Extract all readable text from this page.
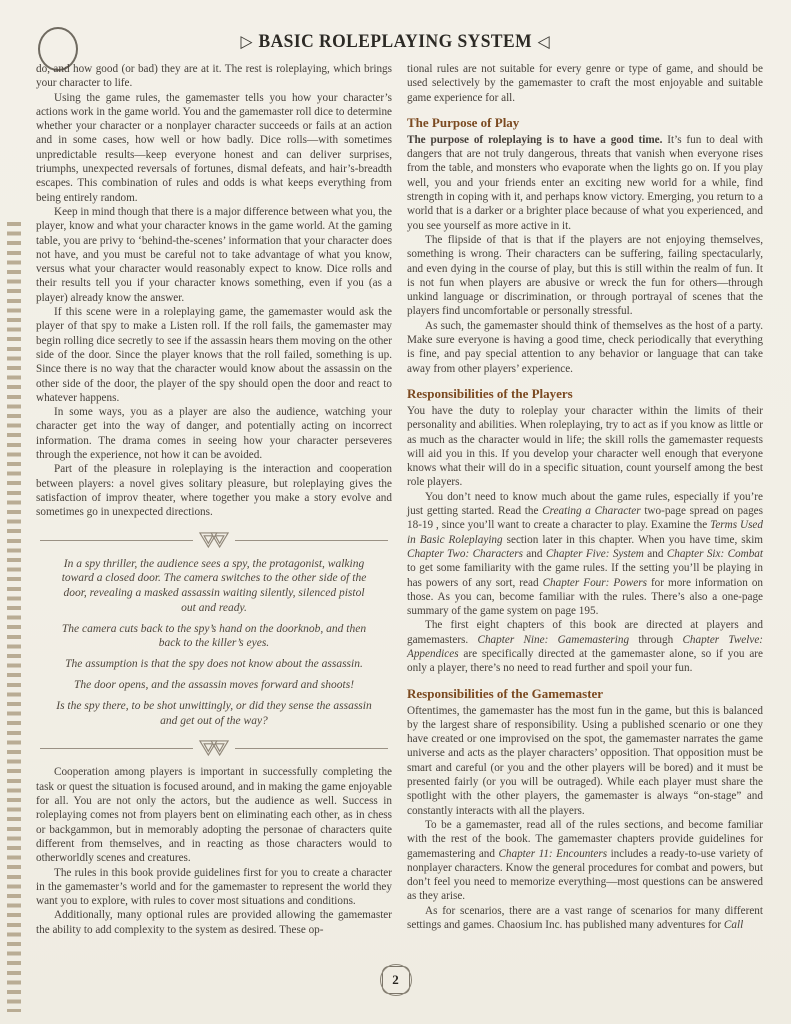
▷ BASIC ROLEPLAYING SYSTEM ◁

do, and how good (or bad) they are at it. The rest is roleplaying, which brings your character to life.

Using the game rules, the gamemaster tells you how your character’s actions work in the game world. You and the gamemaster roll dice to determine whether your character or a nonplayer character succeeds or fails at an action and in some cases, how well or how badly. Dice rolls—with sometimes unpredictable results—keep everyone honest and can deliver surprises, triumphs, unexpected reversals of fortunes, dismal defeats, and hair’s-breadth escapes. This combination of rules and odds is what keeps everything from being entirely random.

Keep in mind though that there is a major difference between what you, the player, know and what your character knows in the game world. At the gaming table, you are privy to ‘behind-the-scenes’ information that your character does not have, and you must be careful not to take advantage of what you know, versus what your character would reasonably expect to know. Dice rolls and their results tell you if your character knows something, even if you (as a player) already know the answer.

If this scene were in a roleplaying game, the gamemaster would ask the player of that spy to make a Listen roll. If the roll fails, the gamemaster may begin rolling dice secretly to see if the assassin hears them moving on the other side of the door. Since the player knows that the roll failed, something is up. Since there is no way that the character would know about the assassin on the other side of the door, the player of the spy should open the door and react to whatever happens.

In some ways, you as a player are also the audience, watching your character get into the way of danger, and potentially acting on incorrect information. The drama comes in seeing how your character perseveres through the experience, not how it can be avoided.

Part of the pleasure in roleplaying is the interaction and cooperation between players: a novel gives solitary pleasure, but roleplaying gives the satisfaction of improv theater, where together you make a story evolve and sometimes go in unexpected directions.

In a spy thriller, the audience sees a spy, the protagonist, walking toward a closed door. The camera switches to the other side of the door, revealing a masked assassin waiting silently, silenced pistol out and ready.

The camera cuts back to the spy’s hand on the doorknob, and then back to the killer’s eyes.

The assumption is that the spy does not know about the assassin.

The door opens, and the assassin moves forward and shoots!

Is the spy there, to be shot unwittingly, or did they sense the assassin and get out of the way?

Cooperation among players is important in successfully completing the task or quest the situation is focused around, and in making the game enjoyable for all. You are not only the actors, but the audience as well. Success in roleplaying comes not from players bent on eliminating each other, as in chess or backgammon, but in memorably adopting the personae of characters quite different from themselves, and in reacting as those characters would to otherworldly scenes and creatures.

The rules in this book provide guidelines first for you to create a character in the gamemaster’s world and for the gamemaster to represent the world they want you to explore, with rules to cover most situations and conditions.

Additionally, many optional rules are provided allowing the gamemaster the ability to add complexity to the system as desired. These op-

tional rules are not suitable for every genre or type of game, and should be used selectively by the gamemaster to craft the most enjoyable and suitable game experience for all.

The Purpose of Play

The purpose of roleplaying is to have a good time. It’s fun to deal with dangers that are not truly dangerous, threats that vanish when everyone rises from the table, and monsters who evaporate when the lights go on. If you play well, you and your friends enter an exciting new world for a while, find strength in coping with it, and perhaps know victory. Emerging, you return to a world that is a darker or a brighter place because of what you experienced, and you see yourself as more active in it.

The flipside of that is that if the players are not enjoying themselves, something is wrong. Their characters can be suffering, failing spectacularly, and even dying in the course of play, but this is still within the realm of fun. It is not fun when players are abusive or wreck the fun for others—through unkind language or discrimination, or through portrayal of scenes that the players find uncomfortable or personally stressful.

As such, the gamemaster should think of themselves as the host of a party. Make sure everyone is having a good time, check periodically that everything is fine, and pay special attention to any behavior or language that can take away from other players’ experience.

Responsibilities of the Players

You have the duty to roleplay your character within the limits of their personality and abilities. When roleplaying, try to act as if you know as little or as much as the character would in life; the skill rolls the gamemaster requests will aid you in this. If you develop your character well enough that everyone knows what their will do in a specific situation, count yourself among the best role players.

You don’t need to know much about the game rules, especially if you’re just getting started. Read the Creating a Character two-page spread on pages 18-19 , since you’ll want to create a character to play. Examine the Terms Used in Basic Roleplaying section later in this chapter. When you have time, skim Chapter Two: Characters and Chapter Five: System and Chapter Six: Combat to get some familiarity with the game rules. If the setting you’ll be playing in has powers of any sort, read Chapter Four: Powers for more information on those. As you can, become familiar with the rules. There’s also a one-page summary of the game system on page 195.

The first eight chapters of this book are directed at players and gamemasters. Chapter Nine: Gamemastering through Chapter Twelve: Appendices are specifically directed at the gamemaster alone, so if you are only a player, there’s no need to read further and spoil your fun.

Responsibilities of the Gamemaster

Oftentimes, the gamemaster has the most fun in the game, but this is balanced by the largest share of responsibility. Using a published scenario or one they have created or one improvised on the spot, the gamemaster narrates the game universe and acts as the player characters’ opposition. That opposition must be smart and careful (or you and the other players will be bored) and it must be presented fairly (or you will be outraged). While each player must share the spotlight with the other players, the gamemaster is always “on-stage” and constantly interacts with all the players.

To be a gamemaster, read all of the rules sections, and become familiar with the rest of the book. The gamemaster chapters provide guidelines for gamemastering and Chapter 11: Encounters includes a ready-to-use variety of nonplayer characters. Know the general procedures for combat and powers, but don’t feel you need to memorize everything—most questions can be answered as they arise.

As for scenarios, there are a vast range of scenarios for many different settings and games. Chaosium Inc. has published many adventures for Call

2
